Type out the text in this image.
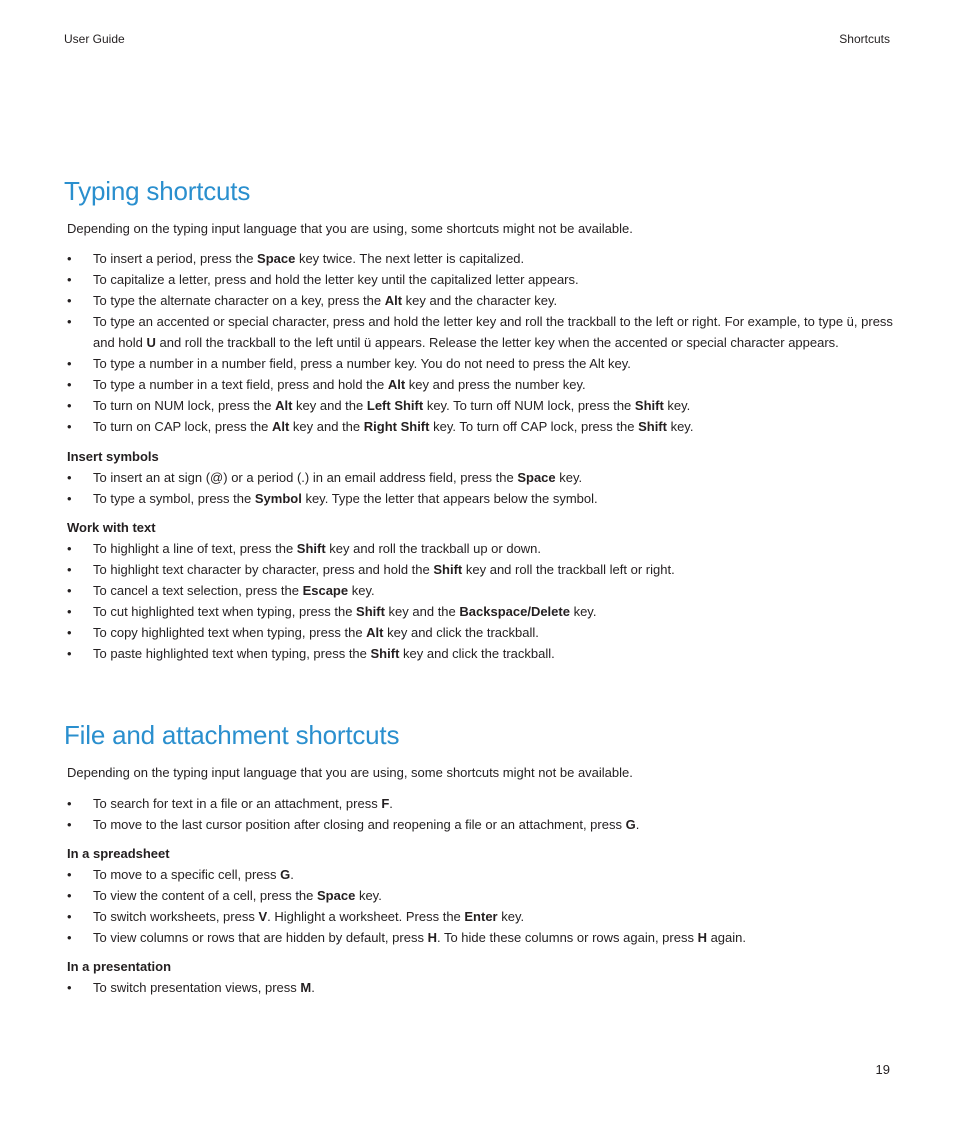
User Guide	Shortcuts
Typing shortcuts

Depending on the typing input language that you are using, some shortcuts might not be available.

• To insert a period, press the Space key twice. The next letter is capitalized.
• To capitalize a letter, press and hold the letter key until the capitalized letter appears.
• To type the alternate character on a key, press the Alt key and the character key.
• To type an accented or special character, press and hold the letter key and roll the trackball to the left or right. For example, to type ü, press and hold U and roll the trackball to the left until ü appears. Release the letter key when the accented or special character appears.
• To type a number in a number field, press a number key. You do not need to press the Alt key.
• To type a number in a text field, press and hold the Alt key and press the number key.
• To turn on NUM lock, press the Alt key and the Left Shift key. To turn off NUM lock, press the Shift key.
• To turn on CAP lock, press the Alt key and the Right Shift key. To turn off CAP lock, press the Shift key.
Insert symbols
• To insert an at sign (@) or a period (.) in an email address field, press the Space key.
• To type a symbol, press the Symbol key. Type the letter that appears below the symbol.
Work with text
• To highlight a line of text, press the Shift key and roll the trackball up or down.
• To highlight text character by character, press and hold the Shift key and roll the trackball left or right.
• To cancel a text selection, press the Escape key.
• To cut highlighted text when typing, press the Shift key and the Backspace/Delete key.
• To copy highlighted text when typing, press the Alt key and click the trackball.
• To paste highlighted text when typing, press the Shift key and click the trackball.
File and attachment shortcuts

Depending on the typing input language that you are using, some shortcuts might not be available.

• To search for text in a file or an attachment, press F.
• To move to the last cursor position after closing and reopening a file or an attachment, press G.
In a spreadsheet
• To move to a specific cell, press G.
• To view the content of a cell, press the Space key.
• To switch worksheets, press V. Highlight a worksheet. Press the Enter key.
• To view columns or rows that are hidden by default, press H. To hide these columns or rows again, press H again.
In a presentation
• To switch presentation views, press M.
19
